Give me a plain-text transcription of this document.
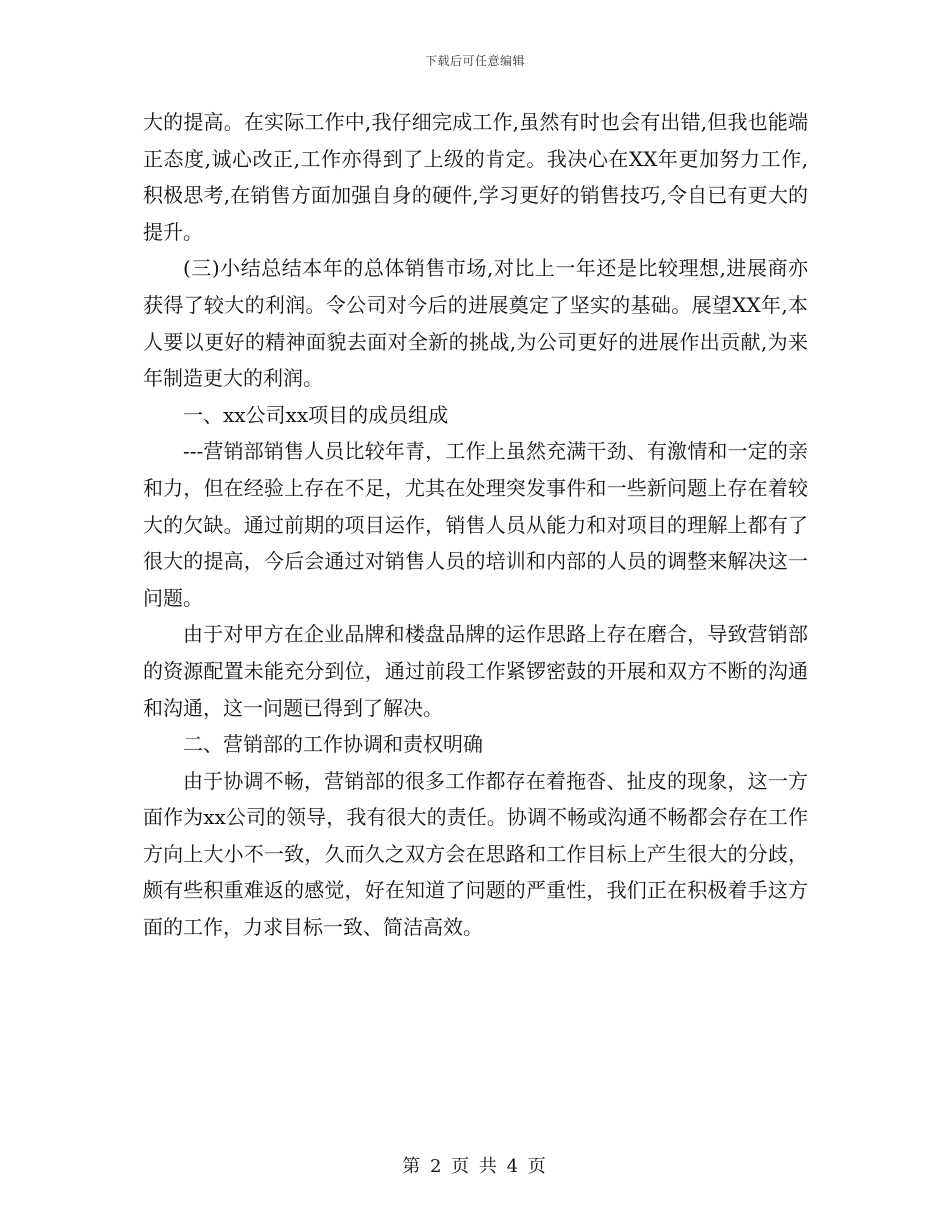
下载后可任意编辑

大的提高。在实际工作中,我仔细完成工作,虽然有时也会有出错,但我也能端正态度,诚心改正,工作亦得到了上级的肯定。我决心在XX年更加努力工作,积极思考,在销售方面加强自身的硬件,学习更好的销售技巧,令自已有更大的提升。

(三)小结总结本年的总体销售市场,对比上一年还是比较理想,进展商亦获得了较大的利润。令公司对今后的进展奠定了坚实的基础。展望XX年,本人要以更好的精神面貌去面对全新的挑战,为公司更好的进展作出贡献,为来年制造更大的利润。

一、xx公司xx项目的成员组成

---营销部销售人员比较年青，工作上虽然充满干劲、有激情和一定的亲和力，但在经验上存在不足，尤其在处理突发事件和一些新问题上存在着较大的欠缺。通过前期的项目运作，销售人员从能力和对项目的理解上都有了很大的提高，今后会通过对销售人员的培训和内部的人员的调整来解决这一问题。

由于对甲方在企业品牌和楼盘品牌的运作思路上存在磨合，导致营销部的资源配置未能充分到位，通过前段工作紧锣密鼓的开展和双方不断的沟通和沟通，这一问题已得到了解决。

二、营销部的工作协调和责权明确

由于协调不畅，营销部的很多工作都存在着拖沓、扯皮的现象，这一方面作为xx公司的领导，我有很大的责任。协调不畅或沟通不畅都会存在工作方向上大小不一致，久而久之双方会在思路和工作目标上产生很大的分歧，颇有些积重难返的感觉，好在知道了问题的严重性，我们正在积极着手这方面的工作，力求目标一致、简洁高效。

第 2 页 共 4 页
